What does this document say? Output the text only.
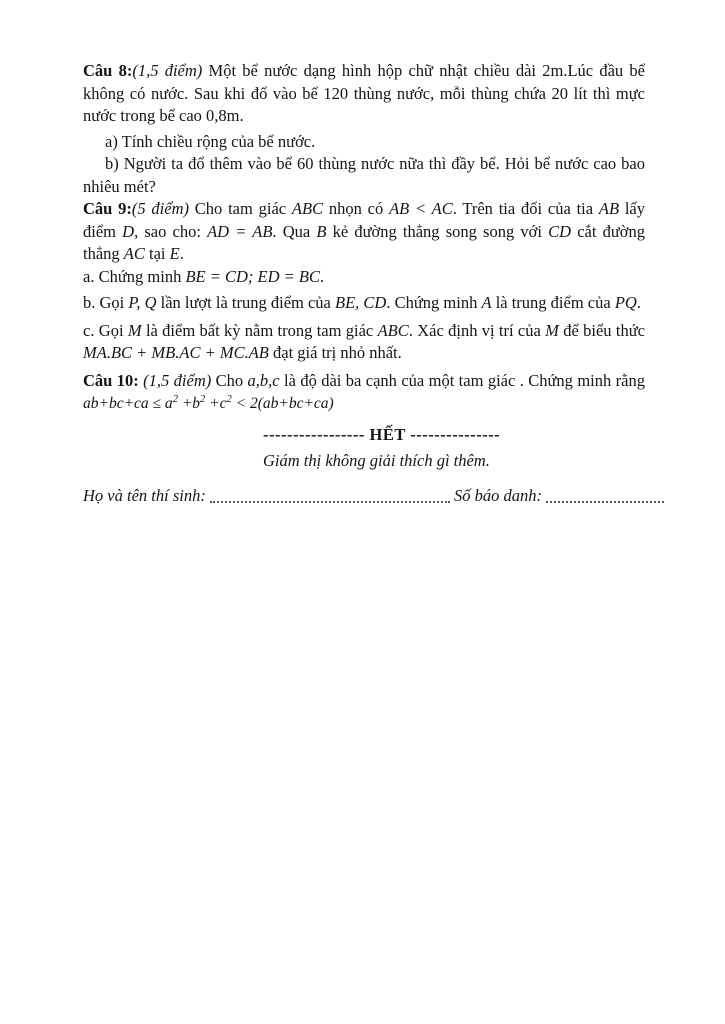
Câu 8:(1,5 điểm) Một bể nước dạng hình hộp chữ nhật chiều dài 2m.Lúc đầu bể không có nước. Sau khi đổ vào bể 120 thùng nước, mỗi thùng chứa 20 lít thì mực nước trong bể cao 0,8m.

a) Tính chiều rộng của bể nước.

b) Người ta đổ thêm vào bể 60 thùng nước nữa thì đầy bể. Hỏi bể nước cao bao nhiêu mét?

Câu 9:(5 điểm) Cho tam giác ABC nhọn có AB < AC. Trên tia đối của tia AB lấy điểm D, sao cho: AD = AB. Qua B kẻ đường thẳng song song với CD cắt đường thẳng AC tại E.

a. Chứng minh BE = CD; ED = BC.

b. Gọi P, Q lần lượt là trung điểm của BE, CD. Chứng minh A là trung điểm của PQ.

c. Gọi M là điểm bất kỳ nằm trong tam giác ABC. Xác định vị trí của M để biểu thức MA.BC + MB.AC + MC.AB đạt giá trị nhỏ nhất.

Câu 10: (1,5 điểm) Cho a,b,c là độ dài ba cạnh của một tam giác . Chứng minh rằng $ab+bc+ca \le a^2 +b^2 +c^2 < 2(ab+bc+ca)$

----------------- HẾT ---------------

Giám thị không giải thích gì thêm.

Họ và tên thí sinh:	Số báo danh:
